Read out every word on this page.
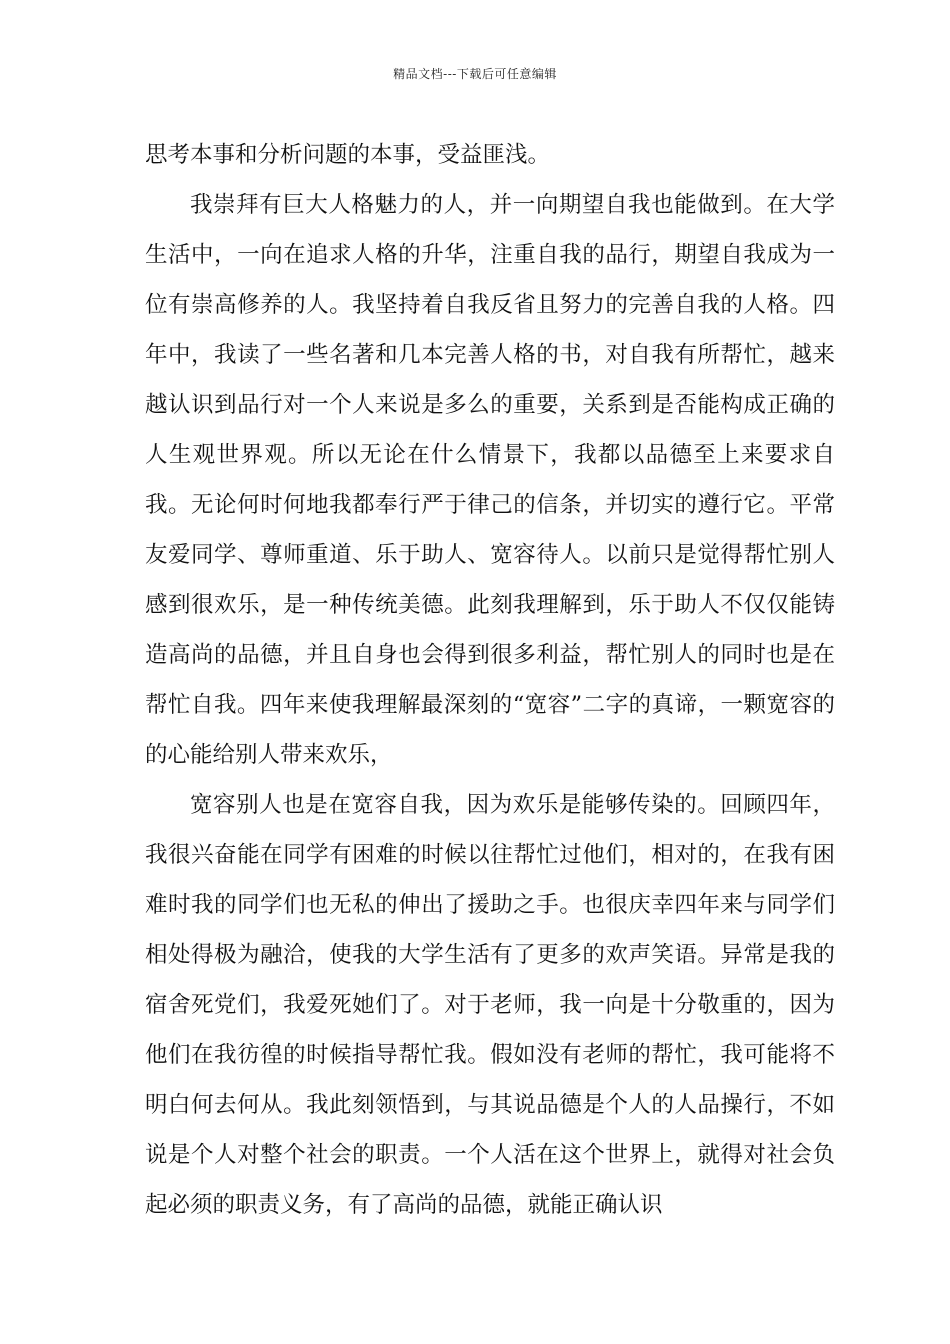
精品文档---下载后可任意编辑

思考本事和分析问题的本事，受益匪浅。

我崇拜有巨大人格魅力的人，并一向期望自我也能做到。在大学生活中，一向在追求人格的升华，注重自我的品行，期望自我成为一位有崇高修养的人。我坚持着自我反省且努力的完善自我的人格。四年中，我读了一些名著和几本完善人格的书，对自我有所帮忙，越来越认识到品行对一个人来说是多么的重要，关系到是否能构成正确的人生观世界观。所以无论在什么情景下，我都以品德至上来要求自我。无论何时何地我都奉行严于律己的信条，并切实的遵行它。平常友爱同学、尊师重道、乐于助人、宽容待人。以前只是觉得帮忙别人感到很欢乐，是一种传统美德。此刻我理解到，乐于助人不仅仅能铸造高尚的品德，并且自身也会得到很多利益，帮忙别人的同时也是在帮忙自我。四年来使我理解最深刻的“宽容”二字的真谛，一颗宽容的的心能给别人带来欢乐，

宽容别人也是在宽容自我，因为欢乐是能够传染的。回顾四年，我很兴奋能在同学有困难的时候以往帮忙过他们，相对的，在我有困难时我的同学们也无私的伸出了援助之手。也很庆幸四年来与同学们相处得极为融洽，使我的大学生活有了更多的欢声笑语。异常是我的宿舍死党们，我爱死她们了。对于老师，我一向是十分敬重的，因为他们在我彷徨的时候指导帮忙我。假如没有老师的帮忙，我可能将不明白何去何从。我此刻领悟到，与其说品德是个人的人品操行，不如说是个人对整个社会的职责。一个人活在这个世界上，就得对社会负起必须的职责义务，有了高尚的品德，就能正确认识
